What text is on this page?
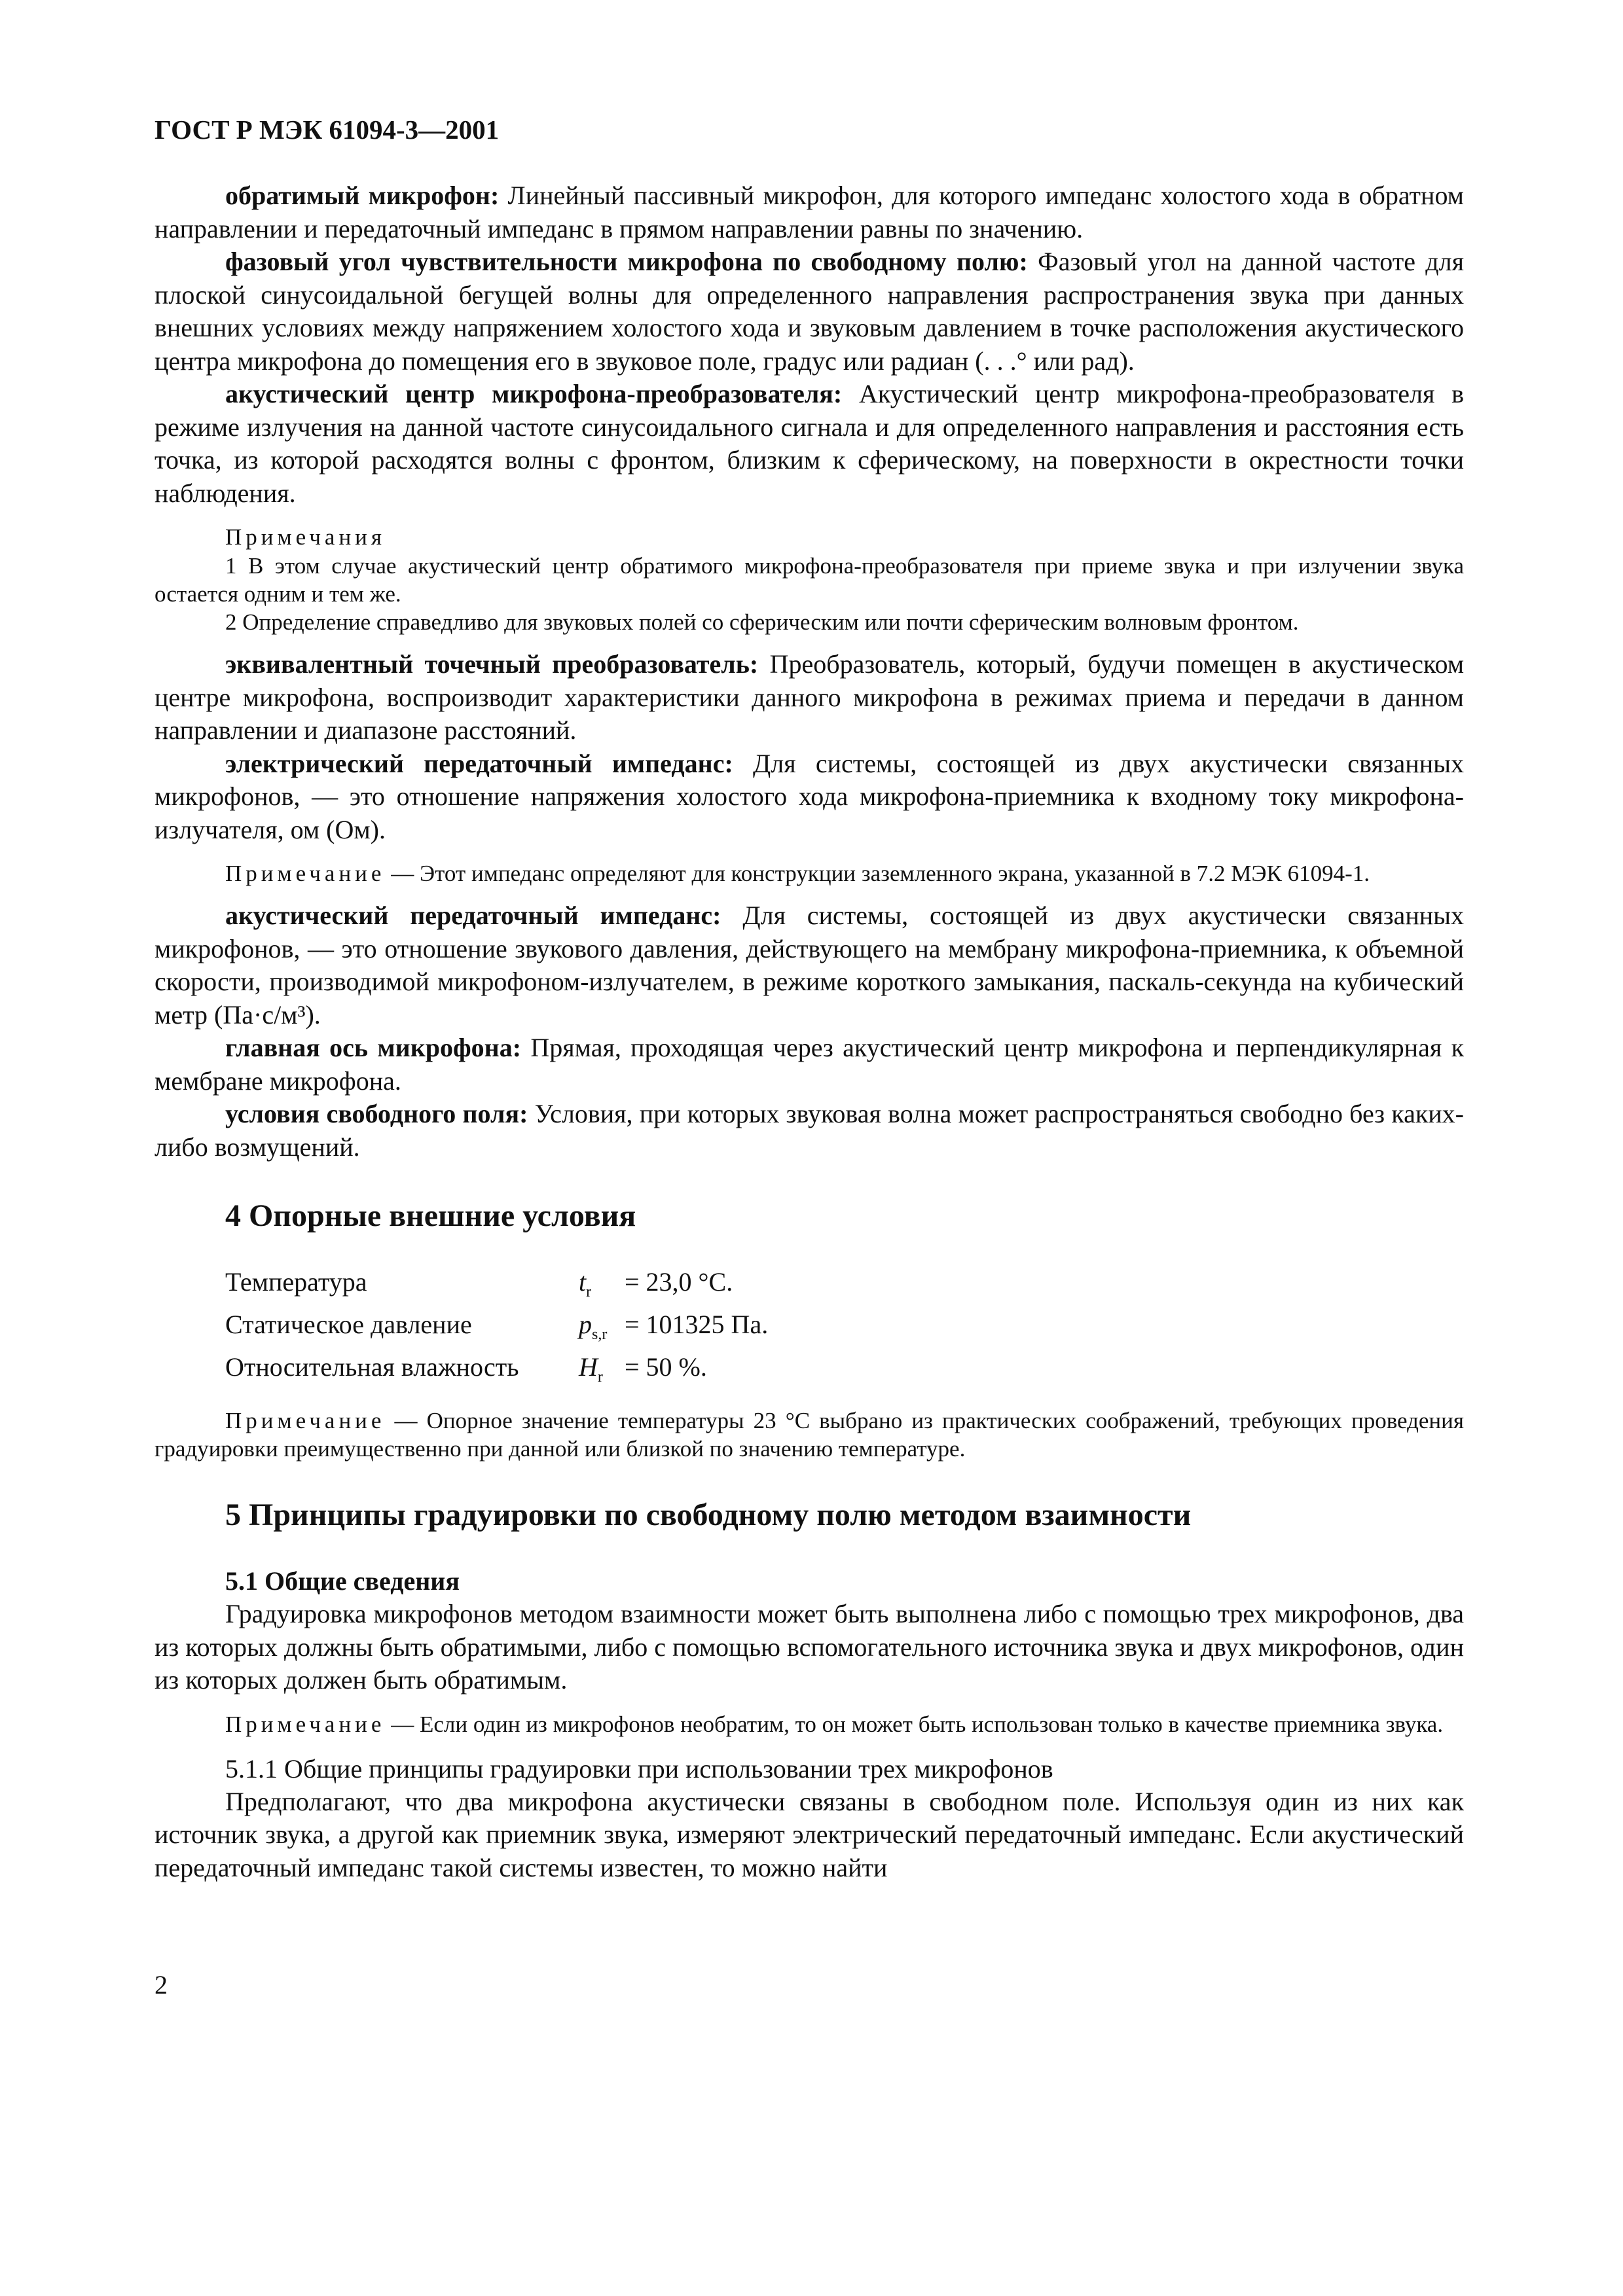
ГОСТ Р МЭК 61094-3—2001

обратимый микрофон: Линейный пассивный микрофон, для которого импеданс холостого хода в обратном направлении и передаточный импеданс в прямом направлении равны по значению.

фазовый угол чувствительности микрофона по свободному полю: Фазовый угол на данной частоте для плоской синусоидальной бегущей волны для определенного направления распространения звука при данных внешних условиях между напряжением холостого хода и звуковым давлением в точке расположения акустического центра микрофона до помещения его в звуковое поле, градус или радиан (. . .° или рад).

акустический центр микрофона-преобразователя: Акустический центр микрофона-преобразователя в режиме излучения на данной частоте синусоидального сигнала и для определенного направления и расстояния есть точка, из которой расходятся волны с фронтом, близким к сферическому, на поверхности в окрестности точки наблюдения.

Примечания

1 В этом случае акустический центр обратимого микрофона-преобразователя при приеме звука и при излучении звука остается одним и тем же.

2 Определение справедливо для звуковых полей со сферическим или почти сферическим волновым фронтом.

эквивалентный точечный преобразователь: Преобразователь, который, будучи помещен в акустическом центре микрофона, воспроизводит характеристики данного микрофона в режимах приема и передачи в данном направлении и диапазоне расстояний.

электрический передаточный импеданс: Для системы, состоящей из двух акустически связанных микрофонов, — это отношение напряжения холостого хода микрофона-приемника к входному току микрофона-излучателя, ом (Ом).

Примечание — Этот импеданс определяют для конструкции заземленного экрана, указанной в 7.2 МЭК 61094-1.

акустический передаточный импеданс: Для системы, состоящей из двух акустически связанных микрофонов, — это отношение звукового давления, действующего на мембрану микрофона-приемника, к объемной скорости, производимой микрофоном-излучателем, в режиме короткого замыкания, паскаль-секунда на кубический метр (Па·с/м³).

главная ось микрофона: Прямая, проходящая через акустический центр микрофона и перпендикулярная к мембране микрофона.

условия свободного поля: Условия, при которых звуковая волна может распространяться свободно без каких-либо возмущений.

4 Опорные внешние условия
Температура	$t_r$	= 23,0 °С.
Статическое давление	$p_{s,r} = 101325$ Па.
Относительная влажность	$H_r = 50$ %.

Примечание — Опорное значение температуры 23 °С выбрано из практических соображений, требующих проведения градуировки преимущественно при данной или близкой по значению температуре.

5 Принципы градуировки по свободному полю методом взаимности
5.1 Общие сведения

Градуировка микрофонов методом взаимности может быть выполнена либо с помощью трех микрофонов, два из которых должны быть обратимыми, либо с помощью вспомогательного источника звука и двух микрофонов, один из которых должен быть обратимым.

Примечание — Если один из микрофонов необратим, то он может быть использован только в качестве приемника звука.

5.1.1 Общие принципы градуировки при использовании трех микрофонов

Предполагают, что два микрофона акустически связаны в свободном поле. Используя один из них как источник звука, а другой как приемник звука, измеряют электрический передаточный импеданс. Если акустический передаточный импеданс такой системы известен, то можно найти

2
